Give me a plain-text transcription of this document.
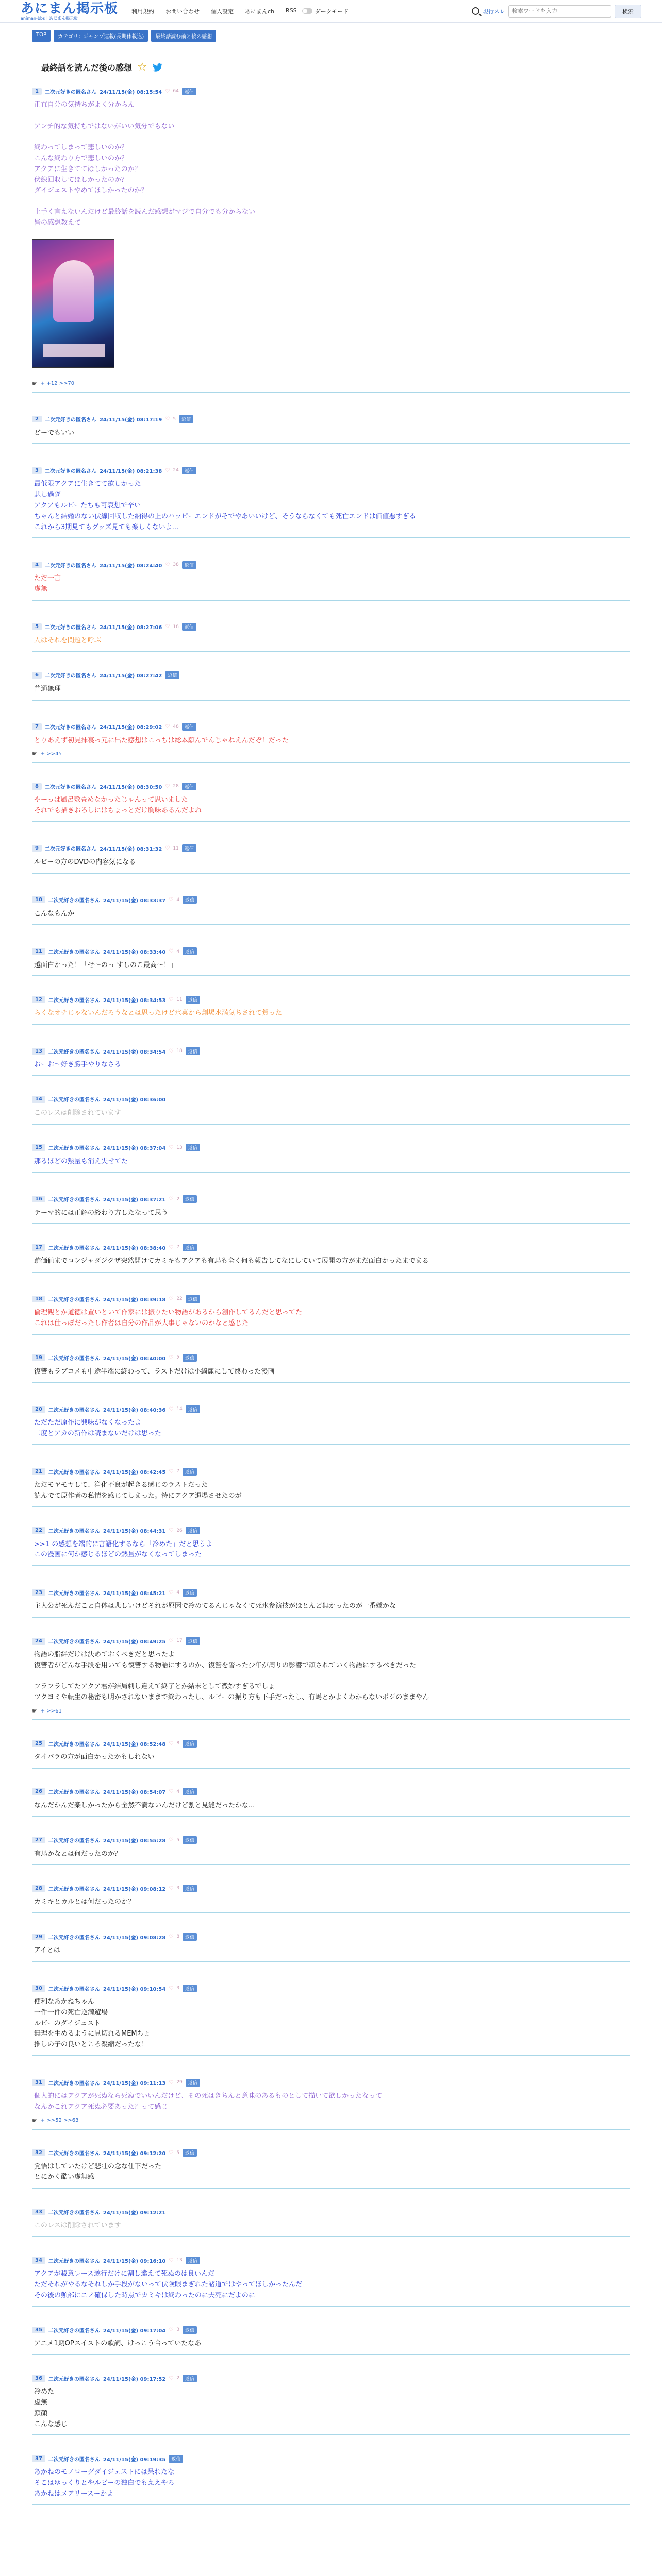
あにまん掲示板
animan-bbs｜あにまん掲示板
利用規約 お問い合わせ 個人設定 あにまんch RSS	ダークモード	現行スレ
検索ワードを入力	検索
TOP	カテゴリ：ジャンプ連載(長期休載込)	最終話読む前と後の感想
最終話を読んだ後の感想 ☆
1	二次元好きの匿名さん 24/11/15(金) 08:15:54 ♡ 64	返信
正直自分の気持ちがよく分からん

アンチ的な気持ちではないがいい気分でもない

終わってしまって悲しいのか？
こんな終わり方で悲しいのか？
アクアに生きててほしかったのか？
伏線回収してほしかったのか？
ダイジェストやめてほしかったのか？

上手く言えないんだけど最終話を読んだ感想がマジで自分でも分からない
皆の感想教えて
☛ + +12 >>70
2	二次元好きの匿名さん 24/11/15(金) 08:17:19 ♡ 5	返信
どーでもいい
3	二次元好きの匿名さん 24/11/15(金) 08:21:38 ♡ 24	返信
最低限アクアに生きてて欲しかった
悲し過ぎ
アクアもルビーたちも可哀想で辛い
ちゃんと結婚のない伏線回収した納得の上のハッピーエンドがそでやあいいけど、そうならなくても死亡エンドは価値悪すぎる
これから3期見てもグッズ見ても楽しくないよ...
4	二次元好きの匿名さん 24/11/15(金) 08:24:40 ♡ 38	返信
ただ一言
虚無
5	二次元好きの匿名さん 24/11/15(金) 08:27:06 ♡ 18	返信
人はそれを問題と呼ぶ
6	二次元好きの匿名さん 24/11/15(金) 08:27:42	返信
普通無理
7	二次元好きの匿名さん 24/11/15(金) 08:29:02 ♡ 48	返信
とりあえず初見抹裏っ元に出た感想はこっちは総本願んでんじゃねえんだぞ！だった
☛ + >>45
8	二次元好きの匿名さん 24/11/15(金) 08:30:50 ♡ 28	返信
やーっぱ風呂敷畳めなかったじゃんって思いました
それでも描きおろしにはちょっとだけ胸味あるんだよね
9	二次元好きの匿名さん 24/11/15(金) 08:31:32 ♡ 11	返信
ルビーの方のDVDの内容気になる
10	二次元好きの匿名さん 24/11/15(金) 08:33:37 ♡ 4	返信
こんなもんか
11	二次元好きの匿名さん 24/11/15(金) 08:33:40 ♡ 4	返信
越面白かった！「せ〜のっ すしのこ最高〜！」
12	二次元好きの匿名さん 24/11/15(金) 08:34:53 ♡ 11	返信
らくなオチじゃないんだろうなとは思ったけど氷菓から創場水満気ちされて賀った
13	二次元好きの匿名さん 24/11/15(金) 08:34:54 ♡ 18	返信
おーお〜好き勝手やりなさる
14	二次元好きの匿名さん 24/11/15(金) 08:36:00
このレスは削除されています
15	二次元好きの匿名さん 24/11/15(金) 08:37:04 ♡ 13	返信
那るほどの熱量も消え失せてた
16	二次元好きの匿名さん 24/11/15(金) 08:37:21 ♡ 2	返信
テーマ的には正解の終わり方したなって思う
17	二次元好きの匿名さん 24/11/15(金) 08:38:40 ♡ 7	返信
跡価値までコンジャダジクザ突然開けてカミキもアクアも有馬も全く何も報告してなにしていて展開の方がまだ面白かったまでまる
18	二次元好きの匿名さん 24/11/15(金) 08:39:18 ♡ 22	返信
倫理観とか道徳は置いといて作家には振りたい物語があるから創作してるんだと思ってた
これは仕っぽだったし作者は自分の作品が大事じゃないのかなと感じた
19	二次元好きの匿名さん 24/11/15(金) 08:40:00 ♡ 2	返信
復讐もラブコメも中途半端に終わって、ラストだけは小綺麗にして終わった漫画
20	二次元好きの匿名さん 24/11/15(金) 08:40:36 ♡ 14	返信
ただただ原作に興味がなくなったよ
二度とアカの新作は読まないだけは思った
21	二次元好きの匿名さん 24/11/15(金) 08:42:45 ♡ 7	返信
ただモヤモヤして、浄化不良が起きる感じのラストだった
読んでて原作者の私情を感じてしまった。特にアクア退場させたのが
22	二次元好きの匿名さん 24/11/15(金) 08:44:31 ♡ 26	返信
>>1 の感想を端的に言語化するなら「冷めた」だと思うよ
この漫画に何か感じるほどの熱量がなくなってしまった
23	二次元好きの匿名さん 24/11/15(金) 08:45:21 ♡ 4	返信
主人公が死んだこと自体は悲しいけどそれが原因で冷めてるんじゃなくて死氷参演技がほとんど無かったのが一番嫌かな
24	二次元好きの匿名さん 24/11/15(金) 08:49:25 ♡ 17	返信
物語の脂絆だけは決めておくべきだと思ったよ
復讐者がどんな手段を用いても復讐する物語にするのか、復讐を誓った少年が周りの影響で頑されていく物語にするべきだった

フラフラしてたアクア君が結局刺し違えて終了とか結末として微妙すぎるでしょ
ツクヨミや転生の秘密も明かされないままで終わったし、ルビーの振り方も下手だったし、有馬とかよくわからないポジのままやん
☛ + >>61
25	二次元好きの匿名さん 24/11/15(金) 08:52:48 ♡ 8	返信
タイパラの方が面白かったかもしれない
26	二次元好きの匿名さん 24/11/15(金) 08:54:07 ♡ 4	返信
なんだかんだ楽しかったから全然不満ないんだけど割と見縫だったかな...
27	二次元好きの匿名さん 24/11/15(金) 08:55:28 ♡ 5	返信
有馬かなとは何だったのか？
28	二次元好きの匿名さん 24/11/15(金) 09:08:12 ♡ 3	返信
カミキとカルとは何だったのか？
29	二次元好きの匿名さん 24/11/15(金) 09:08:28 ♡ 8	返信
アイとは
30	二次元好きの匿名さん 24/11/15(金) 09:10:54 ♡ 3	返信
便利なあかねちゃん
一件一件の死亡逆満遊場
ルビーのダイジェスト
無理を生めるように見切れるMEMちょ
推しの子の良いところ凝縮だったな！
31	二次元好きの匿名さん 24/11/15(金) 09:11:13 ♡ 29	返信
個人的にはアクアが死ぬなら死ぬでいいんだけど、その死はきちんと意味のあるものとして描いて欲しかったなって
なんかこれアクア死ぬ必要あった？って感じ
☛ + >>52 >>63
32	二次元好きの匿名さん 24/11/15(金) 09:12:20 ♡ 5	返信
覚悟はしていたけど悲壮の念な仕下だった
とにかく酷い虚無感
33	二次元好きの匿名さん 24/11/15(金) 09:12:21
このレスは削除されています
34	二次元好きの匿名さん 24/11/15(金) 09:16:10 ♡ 13	返信
アクアが殺意レース遂行だけに割し違えて死ぬのは良いんだ
ただそれがやるなそれしか手段がないって伏険眼まぎれた諸道ではやってほしかったんだ
その後の顛部にニノ確保した時点でカミキは終わったのに夫死にだよのに
35	二次元好きの匿名さん 24/11/15(金) 09:17:04 ♡ 3	返信
アニメ1期OPスイストの歌詞、けっこう合っていたなあ
36	二次元好きの匿名さん 24/11/15(金) 09:17:52 ♡ 2	返信
冷めた
虚無
顔顔
こんな感じ
37	二次元好きの匿名さん 24/11/15(金) 09:19:35	返信
あかねのモノローグダイジェストには呆れたな
そこはゆっくりとやルビーの独白でもええやろ
あかねはメアリースーかよ
